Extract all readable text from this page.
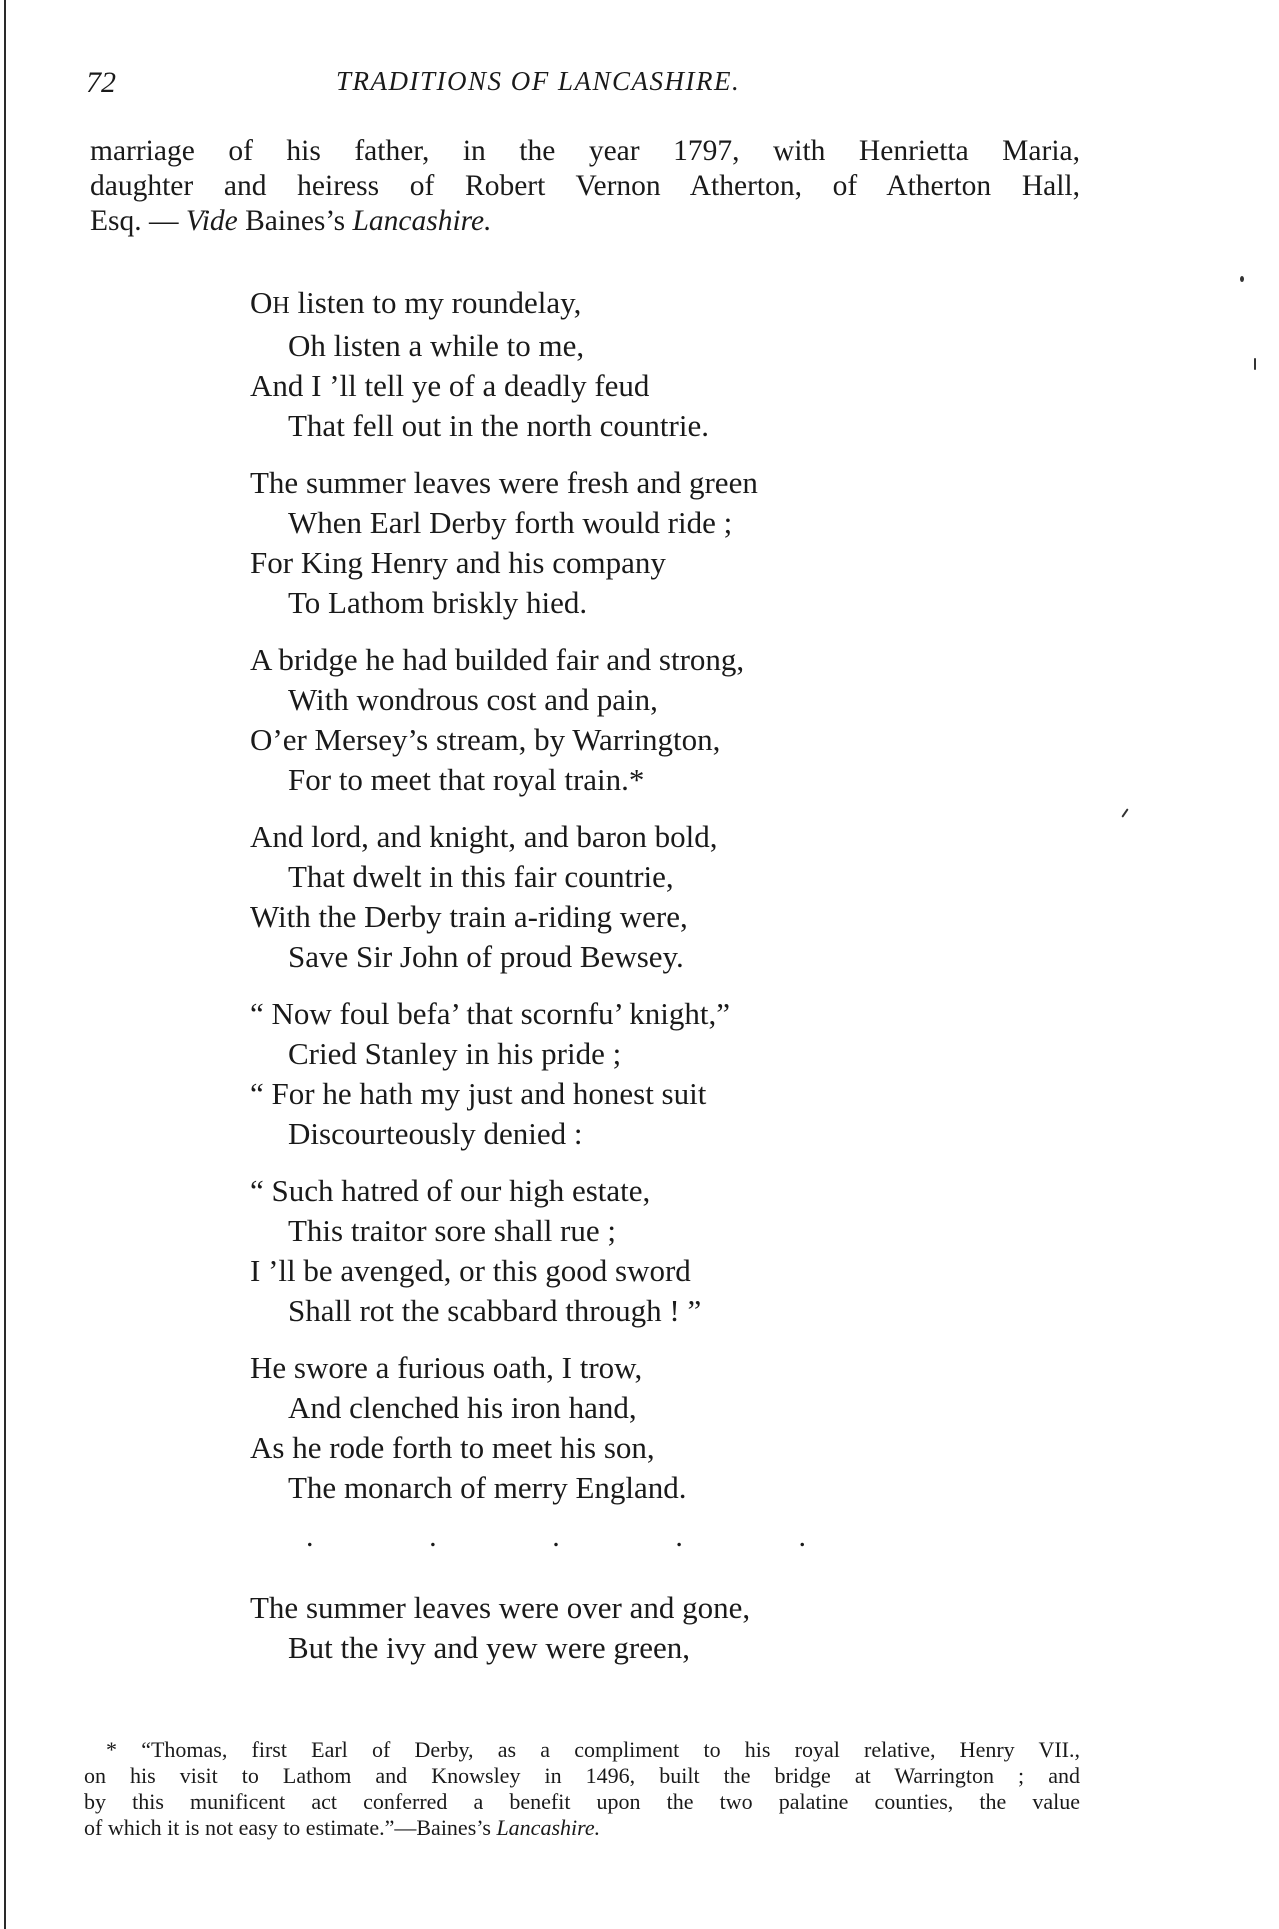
72	TRADITIONS OF LANCASHIRE.
marriage of his father, in the year 1797, with Henrietta Maria,
daughter and heiress of Robert Vernon Atherton, of Atherton Hall,
Esq. — Vide Baines’s Lancashire.
OH listen to my roundelay,
Oh listen a while to me,
And I ’ll tell ye of a deadly feud
That fell out in the north countrie.
The summer leaves were fresh and green
When Earl Derby forth would ride ;
For King Henry and his company
To Lathom briskly hied.
A bridge he had builded fair and strong,
With wondrous cost and pain,
O’er Mersey’s stream, by Warrington,
For to meet that royal train.*
And lord, and knight, and baron bold,
That dwelt in this fair countrie,
With the Derby train a-riding were,
Save Sir John of proud Bewsey.
“ Now foul befa’ that scornfu’ knight,”
Cried Stanley in his pride ;
“ For he hath my just and honest suit
Discourteously denied :
“ Such hatred of our high estate,
This traitor sore shall rue ;
I ’ll be avenged, or this good sword
Shall rot the scabbard through ! ”
He swore a furious oath, I trow,
And clenched his iron hand,
As he rode forth to meet his son,
The monarch of merry England.
.	.	.	.	.
The summer leaves were over and gone,
But the ivy and yew were green,
* “Thomas, first Earl of Derby, as a compliment to his royal relative, Henry VII.,
on his visit to Lathom and Knowsley in 1496, built the bridge at Warrington ; and
by this munificent act conferred a benefit upon the two palatine counties, the value
of which it is not easy to estimate.”—Baines’s Lancashire.
